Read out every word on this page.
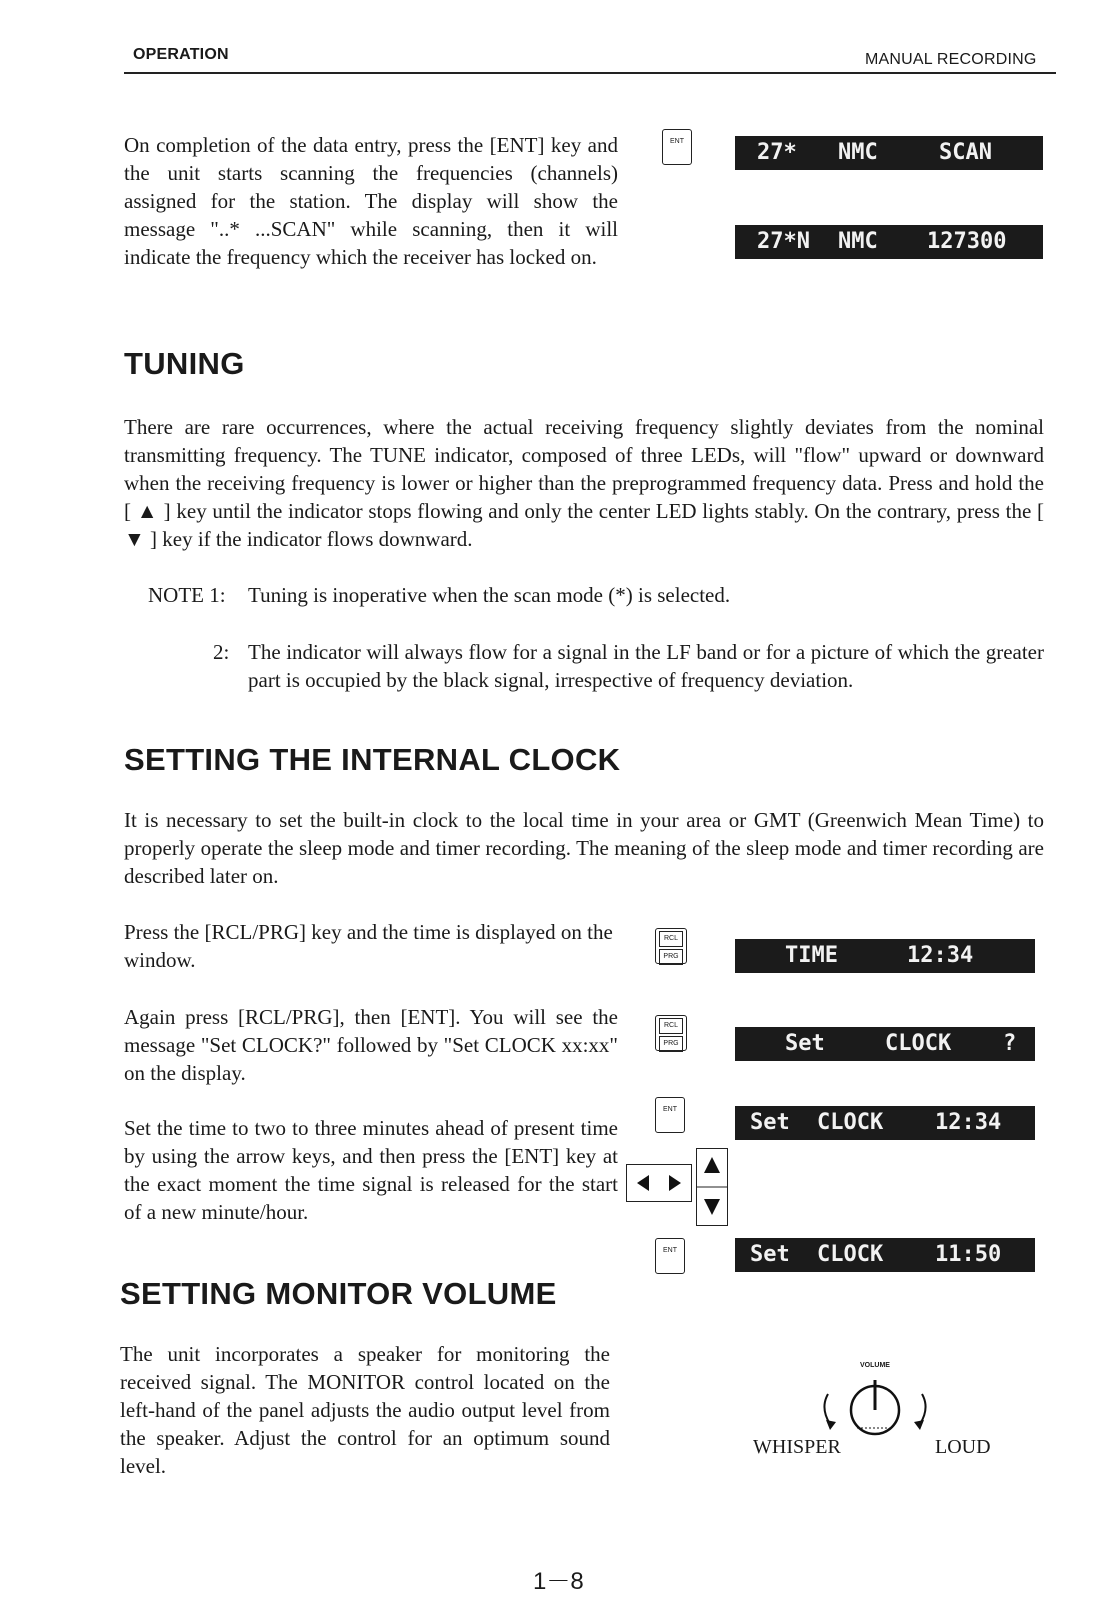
OPERATION	MANUAL RECORDING
On completion of the data entry, press the [ENT] key and the unit starts scanning the frequencies (channels) assigned for the station. The display will show the message "..* ...SCAN" while scanning, then it will indicate the frequency which the receiver has locked on.
ENT

	27*

NMC

	SCAN

27*N

NMC

127300

TUNING
There are rare occurrences, where the actual receiving frequency slightly deviates from the nominal transmitting frequency. The TUNE indicator, composed of three LEDs, will "flow" upward or downward when the receiving frequency is lower or higher than the preprogrammed frequency data. Press and hold the [ ▲ ] key until the indicator stops flowing and only the center LED lights stably. On the contrary, press the [ ▼ ] key if the indicator flows downward.
NOTE 1: Tuning is inoperative when the scan mode (*) is selected.
2: The indicator will always flow for a signal in the LF band or for a picture of which the greater part is occupied by the black signal, irrespective of frequency deviation.
SETTING THE INTERNAL CLOCK
It is necessary to set the built-in clock to the local time in your area or GMT (Greenwich Mean Time) to properly operate the sleep mode and timer recording. The meaning of the sleep mode and timer recording are described later on.
Press the [RCL/PRG] key and the time is displayed on the window.
RCL
PRG

	TIME

	12:34

Again press [RCL/PRG], then [ENT]. You will see the message "Set CLOCK?" followed by "Set CLOCK xx:xx" on the display.
RCL
PRG

	Set

	CLOCK

?

ENT

Set

CLOCK

12:34

Set the time to two to three minutes ahead of present time by using the arrow keys, and then press the [ENT] key at the exact moment the time signal is released for the start of a new minute/hour.
ENT

	Set

CLOCK

11:50

SETTING MONITOR VOLUME
The unit incorporates a speaker for monitoring the received signal. The MONITOR control located on the left-hand of the panel adjusts the audio output level from the speaker. Adjust the control for an optimum sound level.
VOLUME
WHISPER	LOUD
1－8
